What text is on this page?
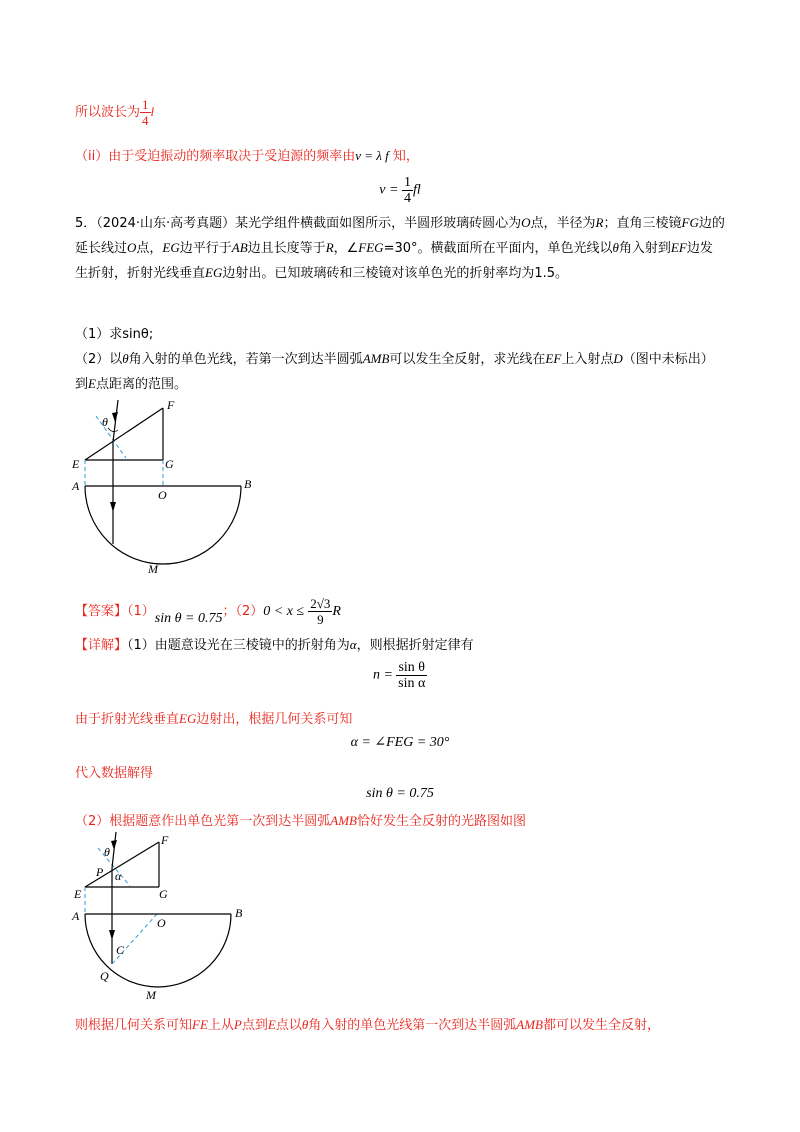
所以波长为 $\frac{1}{4}$ l
（ii）由于受迫振动的频率取决于受迫源的频率由v = λ f 知，
$v = \frac{1}{4}$ fl
5．（2024·山东·高考真题）某光学组件横截面如图所示，半圆形玻璃砖圆心为O点，半径为R；直角三棱镜FG边的延长线过O点，EG边平行于AB边且长度等于R，∠FEG=30°。横截面所在平面内，单色光线以θ角入射到EF边发生折射，折射光线垂直EG边射出。已知玻璃砖和三棱镜对该单色光的折射率均为1.5。
（1）求sinθ;
（2）以θ角入射的单色光线，若第一次到达半圆弧AMB可以发生全反射，求光线在EF上入射点D（图中未标出）到E点距离的范围。
F
θ
E	G
A
O
B
M
【答案】（1）sin θ = 0.75；$(2)0 < x \le \frac{2√3}{9}$ R
【详解】（1）由题意设光在三棱镜中的折射角为α，则根据折射定律有
$n = \frac{\text{sin θ}}{\text{sin α}}$
由于折射光线垂直EG边射出，根据几何关系可知
α = ∠FEG = 30°
代入数据解得
sin θ = 0.75
（2）根据题意作出单色光第一次到达半圆弧AMB恰好发生全反射的光路图如图
F
θ
P α
E	G
A	B
O
C
Q
M
则根据几何关系可知FE上从P点到E点以θ角入射的单色光线第一次到达半圆弧AMB都可以发生全反射，
